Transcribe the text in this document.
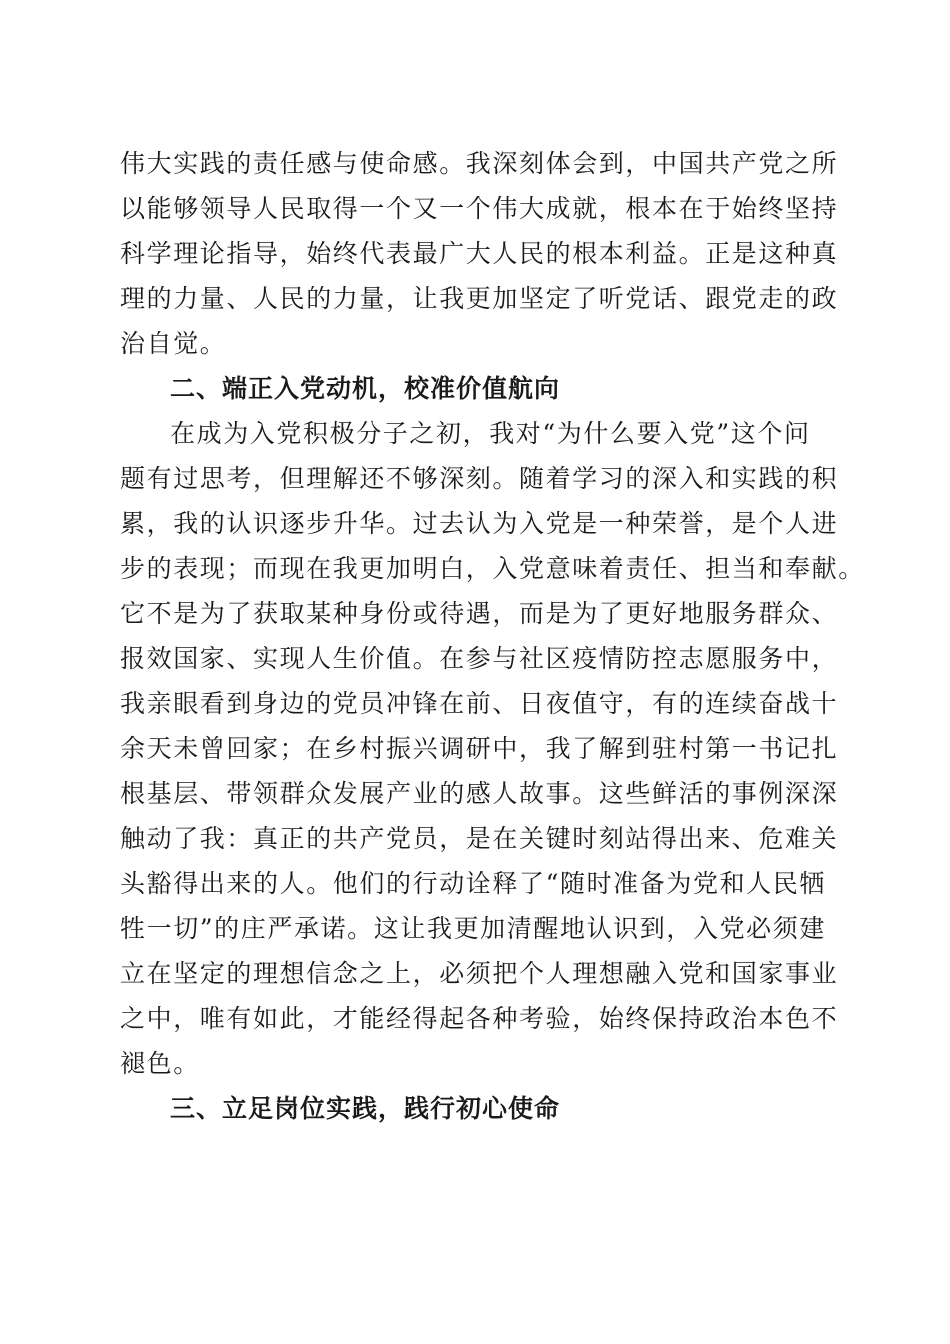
伟大实践的责任感与使命感。我深刻体会到，中国共产党之所
以能够领导人民取得一个又一个伟大成就，根本在于始终坚持
科学理论指导，始终代表最广大人民的根本利益。正是这种真
理的力量、人民的力量，让我更加坚定了听党话、跟党走的政
治自觉。
二、端正入党动机，校准价值航向
在成为入党积极分子之初，我对“为什么要入党”这个问
题有过思考，但理解还不够深刻。随着学习的深入和实践的积
累，我的认识逐步升华。过去认为入党是一种荣誉，是个人进
步的表现；而现在我更加明白，入党意味着责任、担当和奉献。
它不是为了获取某种身份或待遇，而是为了更好地服务群众、
报效国家、实现人生价值。在参与社区疫情防控志愿服务中，
我亲眼看到身边的党员冲锋在前、日夜值守，有的连续奋战十
余天未曾回家；在乡村振兴调研中，我了解到驻村第一书记扎
根基层、带领群众发展产业的感人故事。这些鲜活的事例深深
触动了我：真正的共产党员，是在关键时刻站得出来、危难关
头豁得出来的人。他们的行动诠释了“随时准备为党和人民牺
牲一切”的庄严承诺。这让我更加清醒地认识到，入党必须建
立在坚定的理想信念之上，必须把个人理想融入党和国家事业
之中，唯有如此，才能经得起各种考验，始终保持政治本色不
褪色。
三、立足岗位实践，践行初心使命
